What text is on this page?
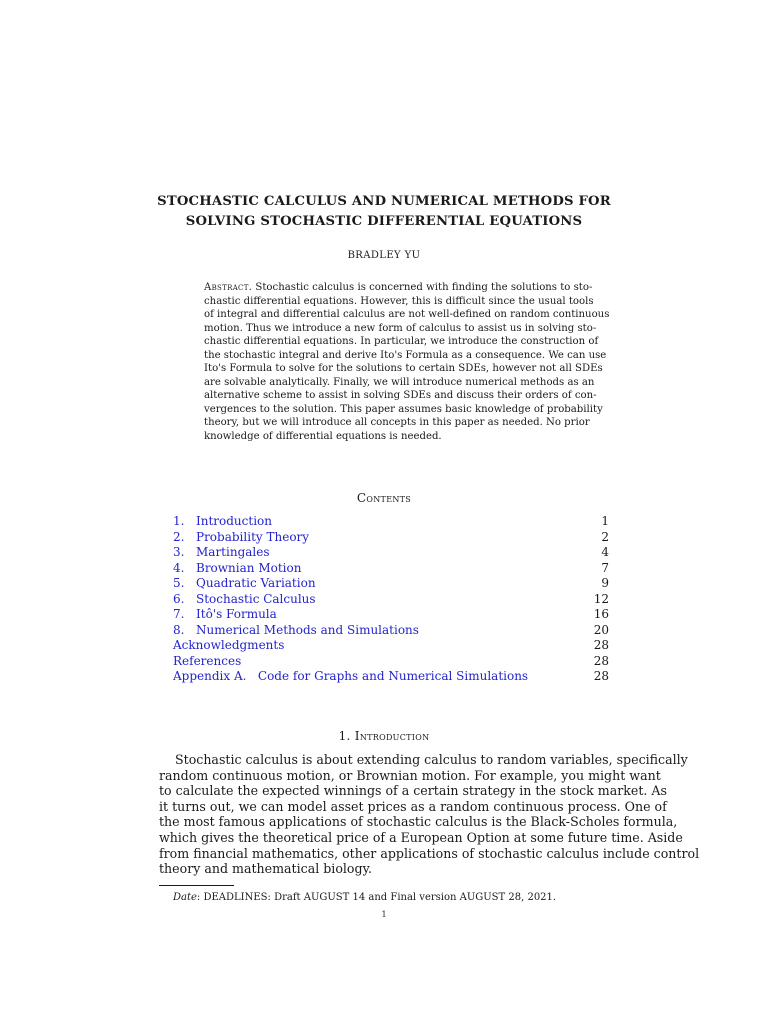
STOCHASTIC CALCULUS AND NUMERICAL METHODS FOR
SOLVING STOCHASTIC DIFFERENTIAL EQUATIONS
BRADLEY YU
Abstract. Stochastic calculus is concerned with finding the solutions to sto-
chastic differential equations. However, this is difficult since the usual tools
of integral and differential calculus are not well-defined on random continuous
motion. Thus we introduce a new form of calculus to assist us in solving sto-
chastic differential equations. In particular, we introduce the construction of
the stochastic integral and derive Ito's Formula as a consequence. We can use
Ito's Formula to solve for the solutions to certain SDEs, however not all SDEs
are solvable analytically. Finally, we will introduce numerical methods as an
alternative scheme to assist in solving SDEs and discuss their orders of con-
vergences to the solution. This paper assumes basic knowledge of probability
theory, but we will introduce all concepts in this paper as needed. No prior
knowledge of differential equations is needed.
Contents
1. Introduction	1
2. Probability Theory	2
3. Martingales	4
4. Brownian Motion	7
5. Quadratic Variation	9
6. Stochastic Calculus	12
7. Itô's Formula	16
8. Numerical Methods and Simulations	20
Acknowledgments	28
References	28
Appendix A.   Code for Graphs and Numerical Simulations	28
1. Introduction
Stochastic calculus is about extending calculus to random variables, specifically
random continuous motion, or Brownian motion. For example, you might want
to calculate the expected winnings of a certain strategy in the stock market. As
it turns out, we can model asset prices as a random continuous process. One of
the most famous applications of stochastic calculus is the Black-Scholes formula,
which gives the theoretical price of a European Option at some future time. Aside
from financial mathematics, other applications of stochastic calculus include control
theory and mathematical biology.
Date: DEADLINES: Draft AUGUST 14 and Final version AUGUST 28, 2021.
1
